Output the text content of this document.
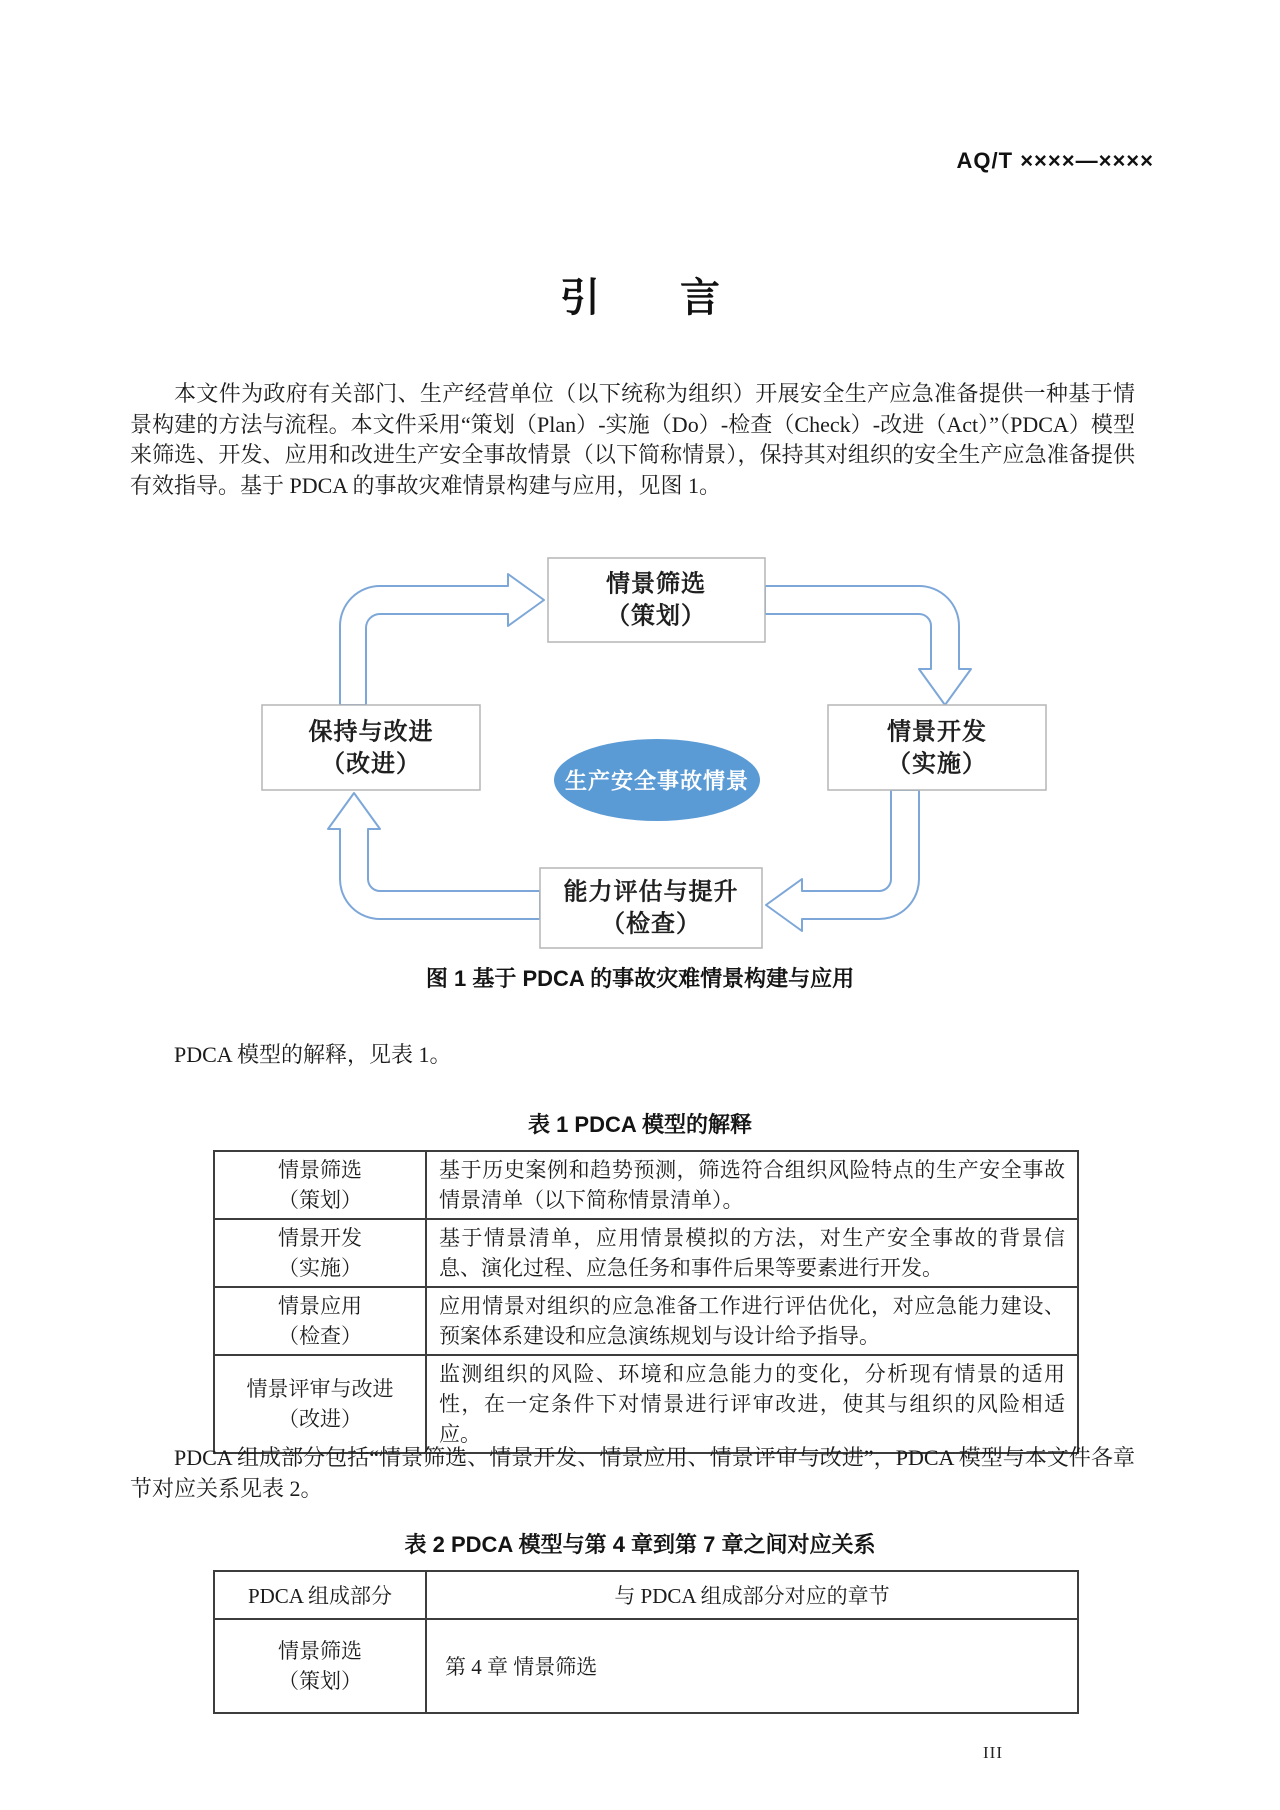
AQ/T ××××—××××
引　　言

本文件为政府有关部门、生产经营单位（以下统称为组织）开展安全生产应急准备提供一种基于情景构建的方法与流程。本文件采用“策划（Plan）-实施（Do）-检查（Check）-改进（Act）”（PDCA）模型来筛选、开发、应用和改进生产安全事故情景（以下简称情景），保持其对组织的安全生产应急准备提供有效指导。基于 PDCA 的事故灾难情景构建与应用，见图 1。

情景筛选
（策划）
保持与改进
（改进）
情景开发
（实施）
能力评估与提升
（检查）
生产安全事故情景
图 1 基于 PDCA 的事故灾难情景构建与应用

PDCA 模型的解释，见表 1。

表 1 PDCA 模型的解释
情景筛选
（策划）	基于历史案例和趋势预测，筛选符合组织风险特点的生产安全事故情景清单（以下简称情景清单）。

情景开发
（实施）	基于情景清单，应用情景模拟的方法，对生产安全事故的背景信息、演化过程、应急任务和事件后果等要素进行开发。

情景应用
（检查）	应用情景对组织的应急准备工作进行评估优化，对应急能力建设、预案体系建设和应急演练规划与设计给予指导。

情景评审与改进
（改进）	监测组织的风险、环境和应急能力的变化，分析现有情景的适用性，在一定条件下对情景进行评审改进，使其与组织的风险相适应。

PDCA 组成部分包括“情景筛选、情景开发、情景应用、情景评审与改进”，PDCA 模型与本文件各章节对应关系见表 2。

表 2 PDCA 模型与第 4 章到第 7 章之间对应关系
PDCA 组成部分	与 PDCA 组成部分对应的章节

情景筛选
（策划）	第 4 章 情景筛选
III
